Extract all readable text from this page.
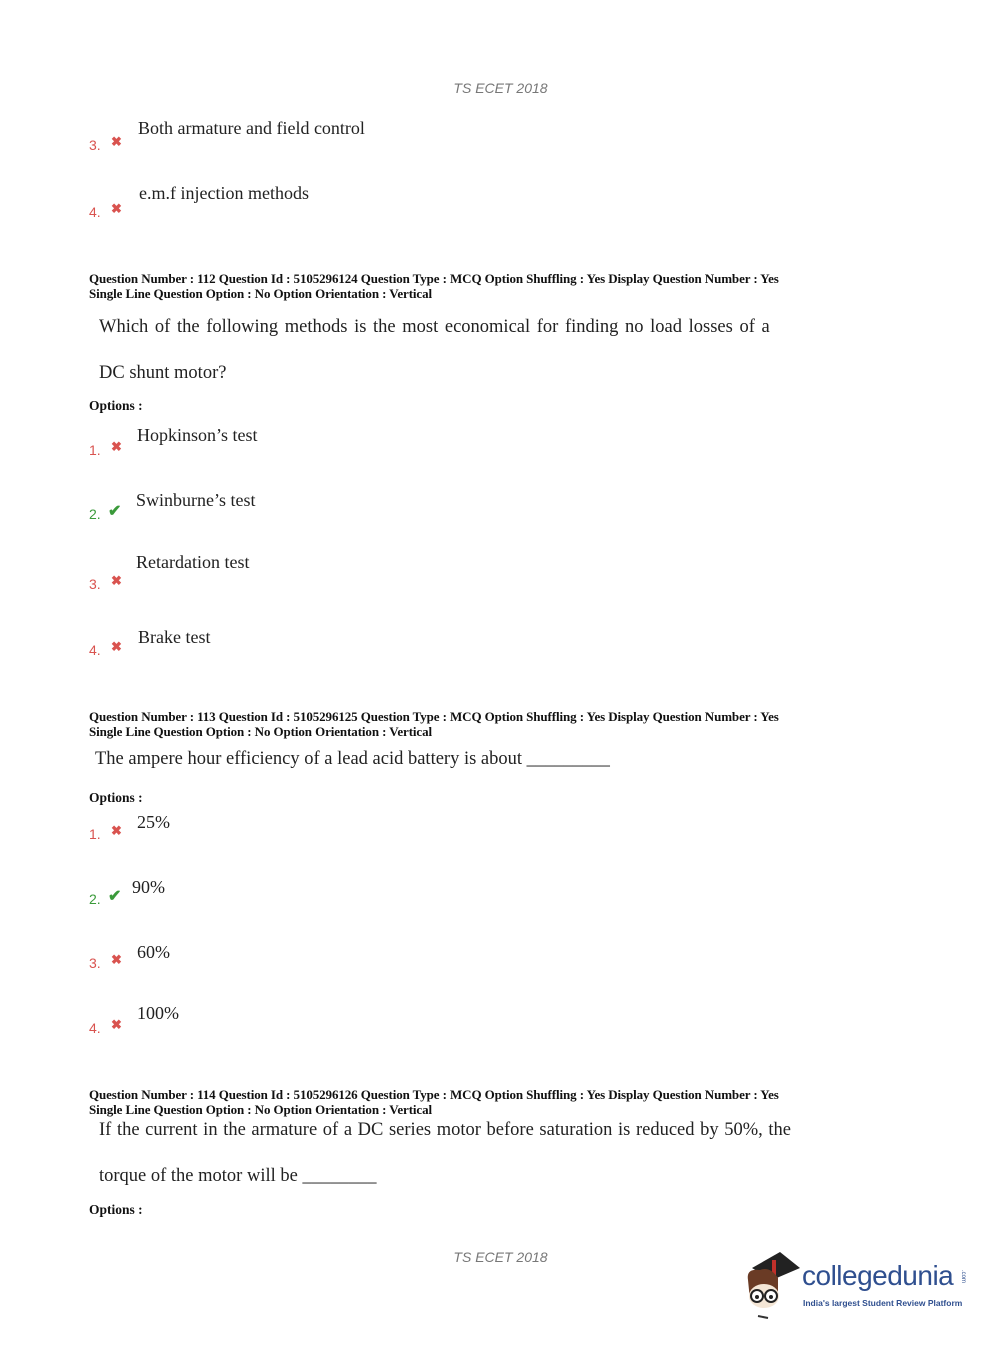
TS ECET 2018
3. ✖
Both armature and field control
4. ✖
e.m.f injection methods
Question Number : 112 Question Id : 5105296124 Question Type : MCQ Option Shuffling : Yes Display Question Number : Yes
Single Line Question Option : No Option Orientation : Vertical
Which of the following methods is the most economical for finding no load losses of a
DC shunt motor?
Options :
1. ✖
Hopkinson’s test
2. ✔
Swinburne’s test
3. ✖
Retardation test
4. ✖ Brake test
Question Number : 113 Question Id : 5105296125 Question Type : MCQ Option Shuffling : Yes Display Question Number : Yes
Single Line Question Option : No Option Orientation : Vertical
The ampere hour efficiency of a lead acid battery is about _________
Options :
1. ✖ 25%
2. ✔ 90%
3. ✖ 60%
4. ✖
100%
Question Number : 114 Question Id : 5105296126 Question Type : MCQ Option Shuffling : Yes Display Question Number : Yes
Single Line Question Option : No Option Orientation : Vertical
If the current in the armature of a DC series motor before saturation is reduced by 50%, the
torque of the motor will be ________
Options :
TS ECET 2018
collegedunia .com
India's largest Student Review Platform
